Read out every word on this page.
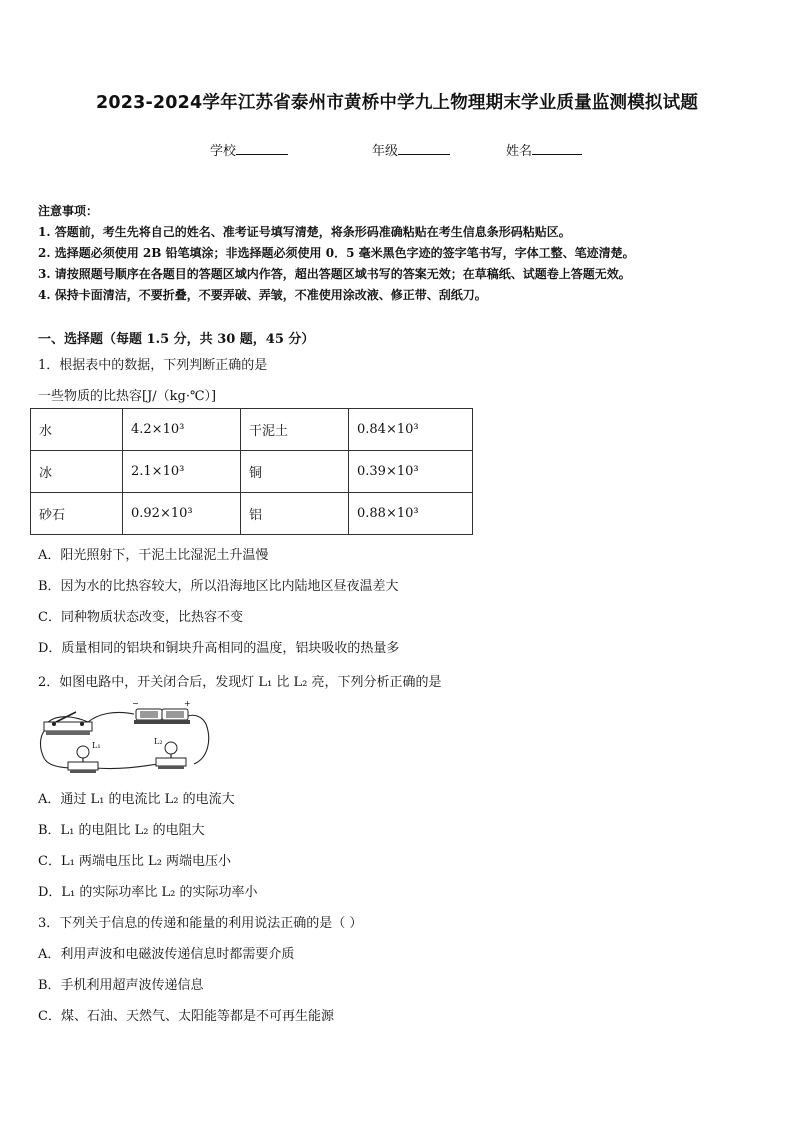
2023-2024学年江苏省泰州市黄桥中学九上物理期末学业质量监测模拟试题
学校	年级	姓名
注意事项：
1. 答题前，考生先将自己的姓名、准考证号填写清楚，将条形码准确粘贴在考生信息条形码粘贴区。
2. 选择题必须使用 2B 铅笔填涂；非选择题必须使用 0．5 毫米黑色字迹的签字笔书写，字体工整、笔迹清楚。
3. 请按照题号顺序在各题目的答题区域内作答，超出答题区域书写的答案无效；在草稿纸、试题卷上答题无效。
4. 保持卡面清洁，不要折叠，不要弄破、弄皱，不准使用涂改液、修正带、刮纸刀。
一、选择题（每题 1.5 分，共 30 题，45 分）
1．根据表中的数据，下列判断正确的是
一些物质的比热容[J/（kg·℃）]
水	4.2×10³	干泥土	0.84×10³
冰	2.1×10³	铜	0.39×10³
砂石	0.92×10³	铝	0.88×10³
A．阳光照射下，干泥土比湿泥土升温慢
B．因为水的比热容较大，所以沿海地区比内陆地区昼夜温差大
C．同种物质状态改变，比热容不变
D．质量相同的铝块和铜块升高相同的温度，铝块吸收的热量多
2．如图电路中，开关闭合后，发现灯 L₁ 比 L₂ 亮，下列分析正确的是
−	+
L₁	L₂
A．通过 L₁ 的电流比 L₂ 的电流大
B．L₁ 的电阻比 L₂ 的电阻大
C．L₁ 两端电压比 L₂ 两端电压小
D．L₁ 的实际功率比 L₂ 的实际功率小
3．下列关于信息的传递和能量的利用说法正确的是（ ）
A．利用声波和电磁波传递信息时都需要介质
B．手机利用超声波传递信息
C．煤、石油、天然气、太阳能等都是不可再生能源
